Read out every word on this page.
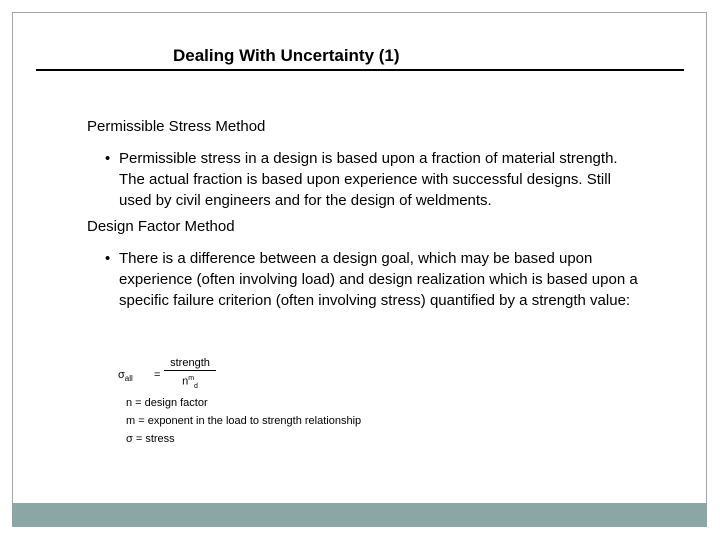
Dealing With Uncertainty (1)
Permissible Stress Method
• Permissible stress in a design is based upon a fraction of material strength. The actual fraction is based upon experience with successful designs. Still used by civil engineers and for the design of weldments.
Design Factor Method
• There is a difference between a design goal, which may be based upon experience (often involving load) and design realization which is based upon a specific failure criterion (often involving stress) quantified by a strength value:
$\sigma_{all}$ =
strength
$n^m_d$
n = design factor
m = exponent in the load to strength relationship
σ = stress
